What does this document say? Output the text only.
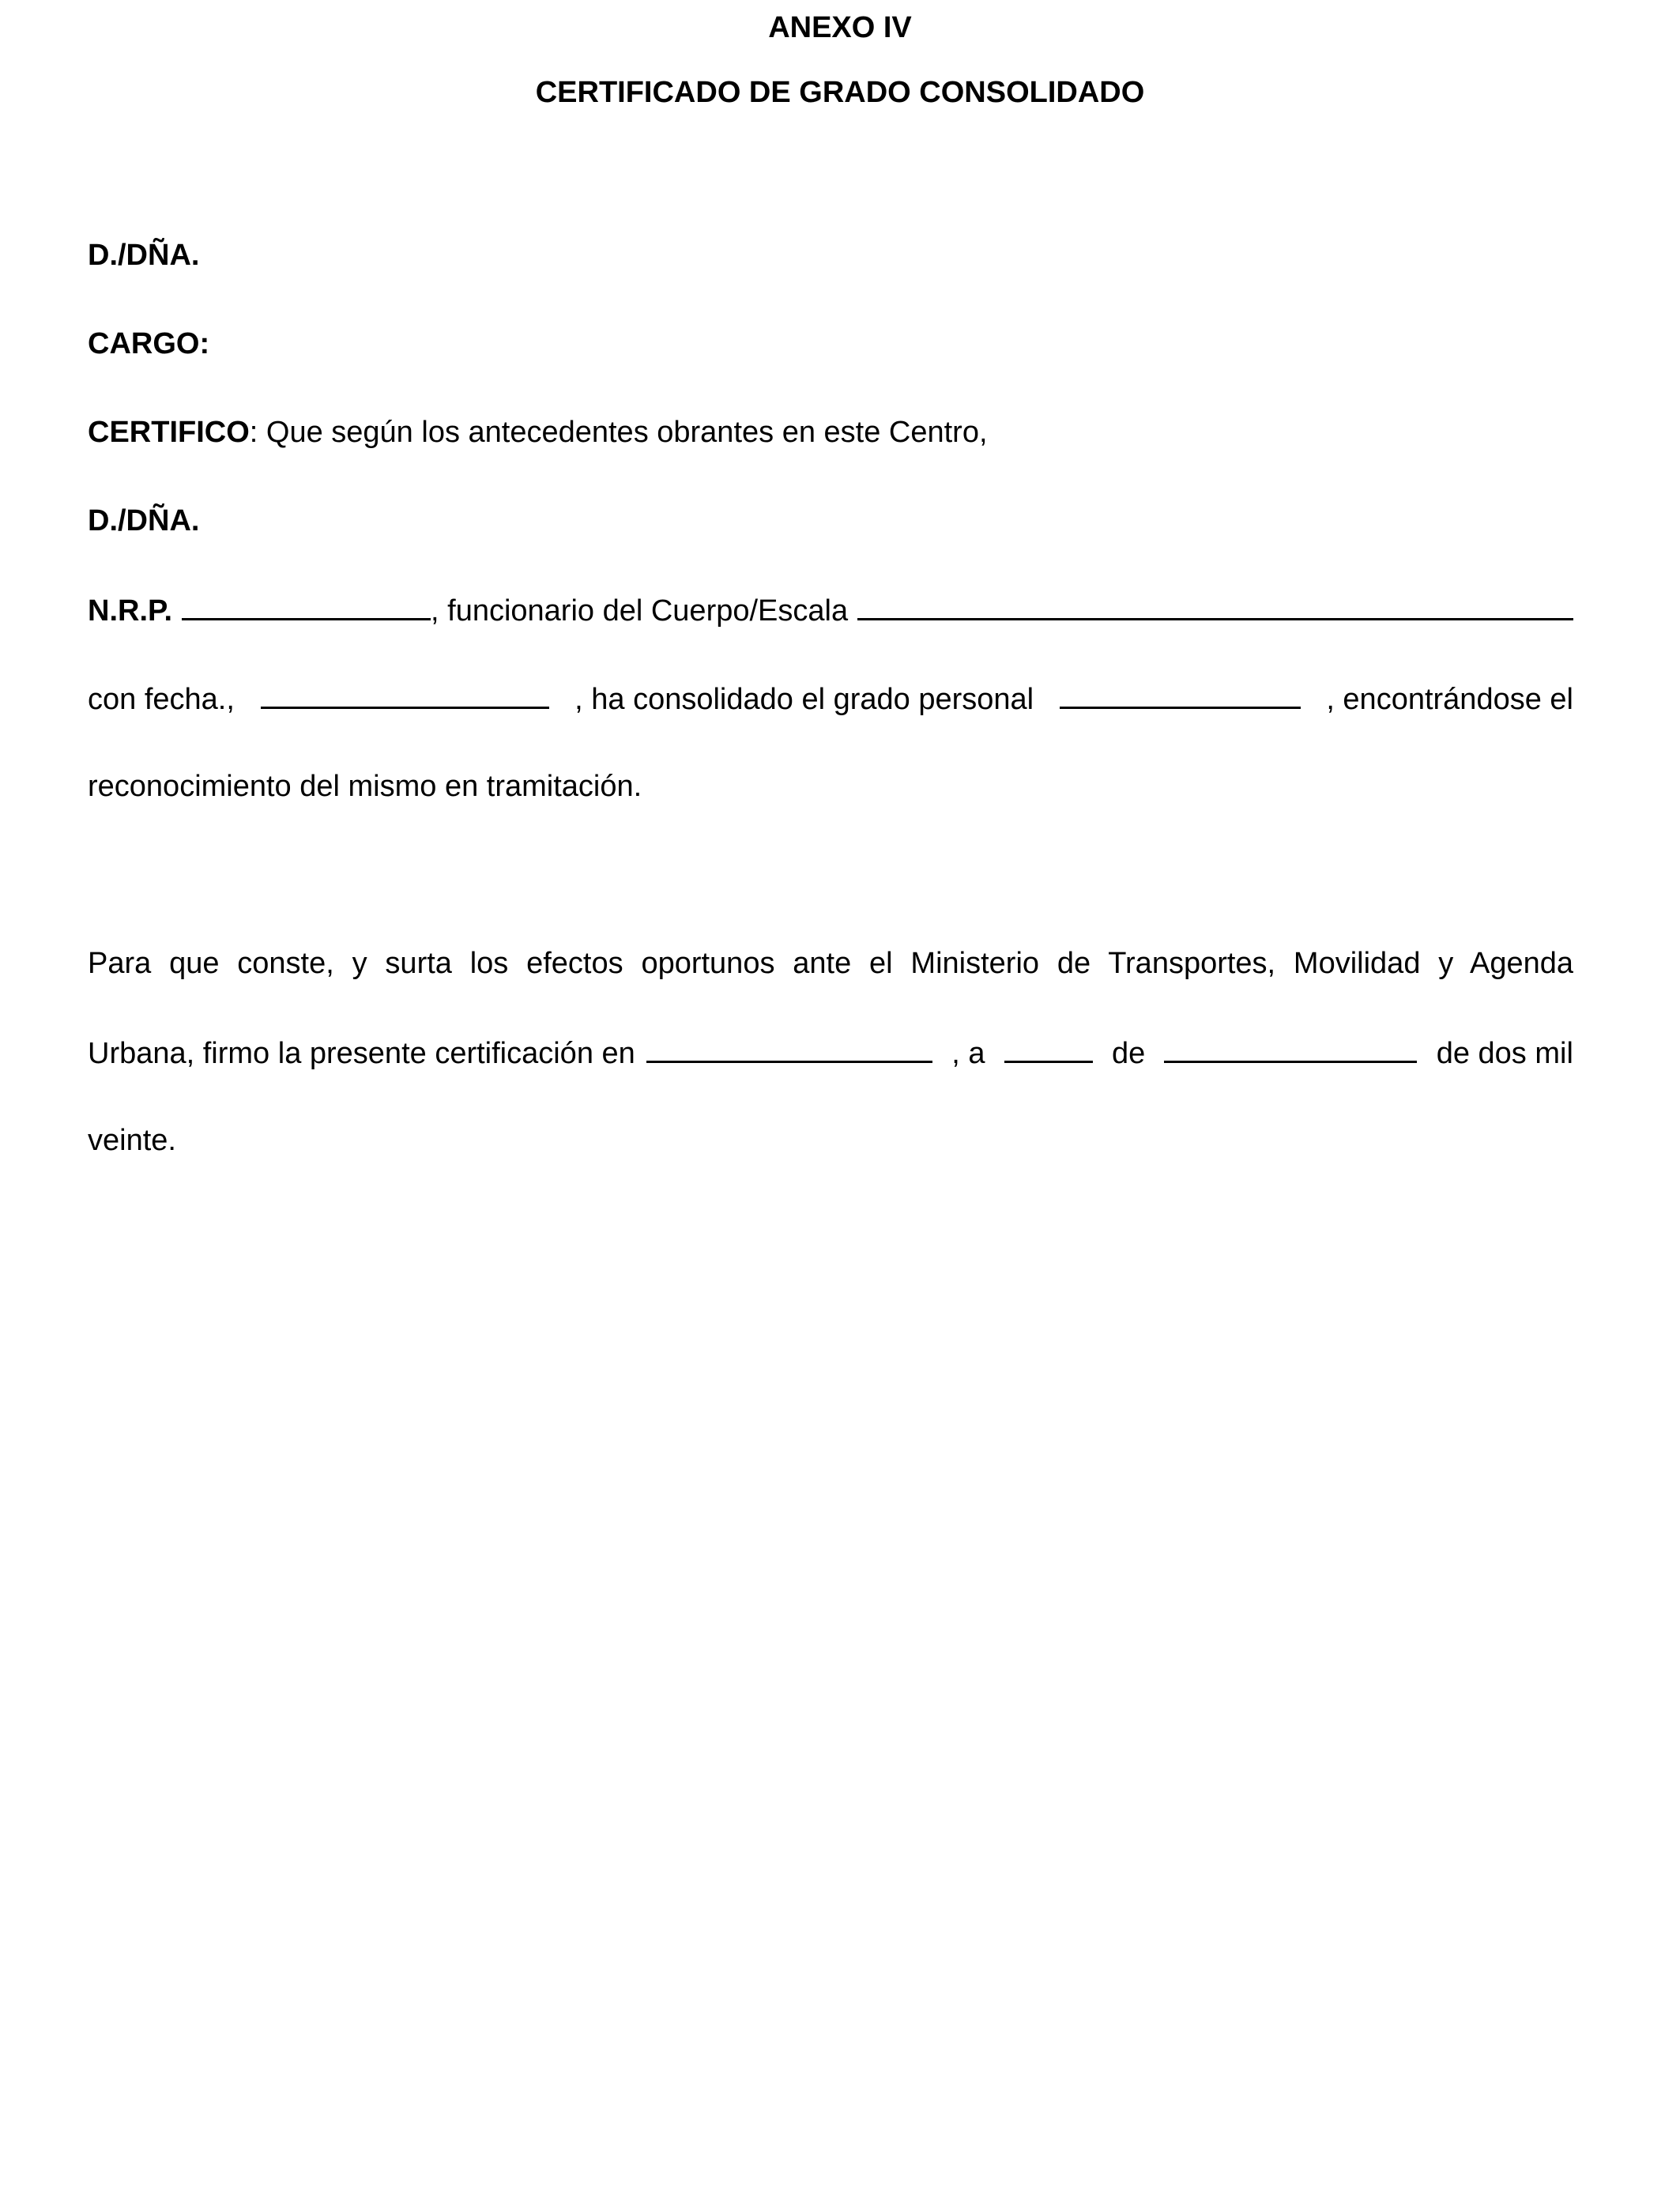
ANEXO IV
CERTIFICADO DE GRADO CONSOLIDADO
D./DÑA.
CARGO:
CERTIFICO: Que según los antecedentes obrantes en este Centro,
D./DÑA.
N.R.P.	, funcionario del Cuerpo/Escala
con fecha.,	, ha consolidado el grado personal	, encontrándose el
reconocimiento del mismo en tramitación.
Para que conste, y surta los efectos oportunos ante el Ministerio de Transportes, Movilidad y Agenda
Urbana, firmo la presente certificación en	, a	de	de dos mil
veinte.
